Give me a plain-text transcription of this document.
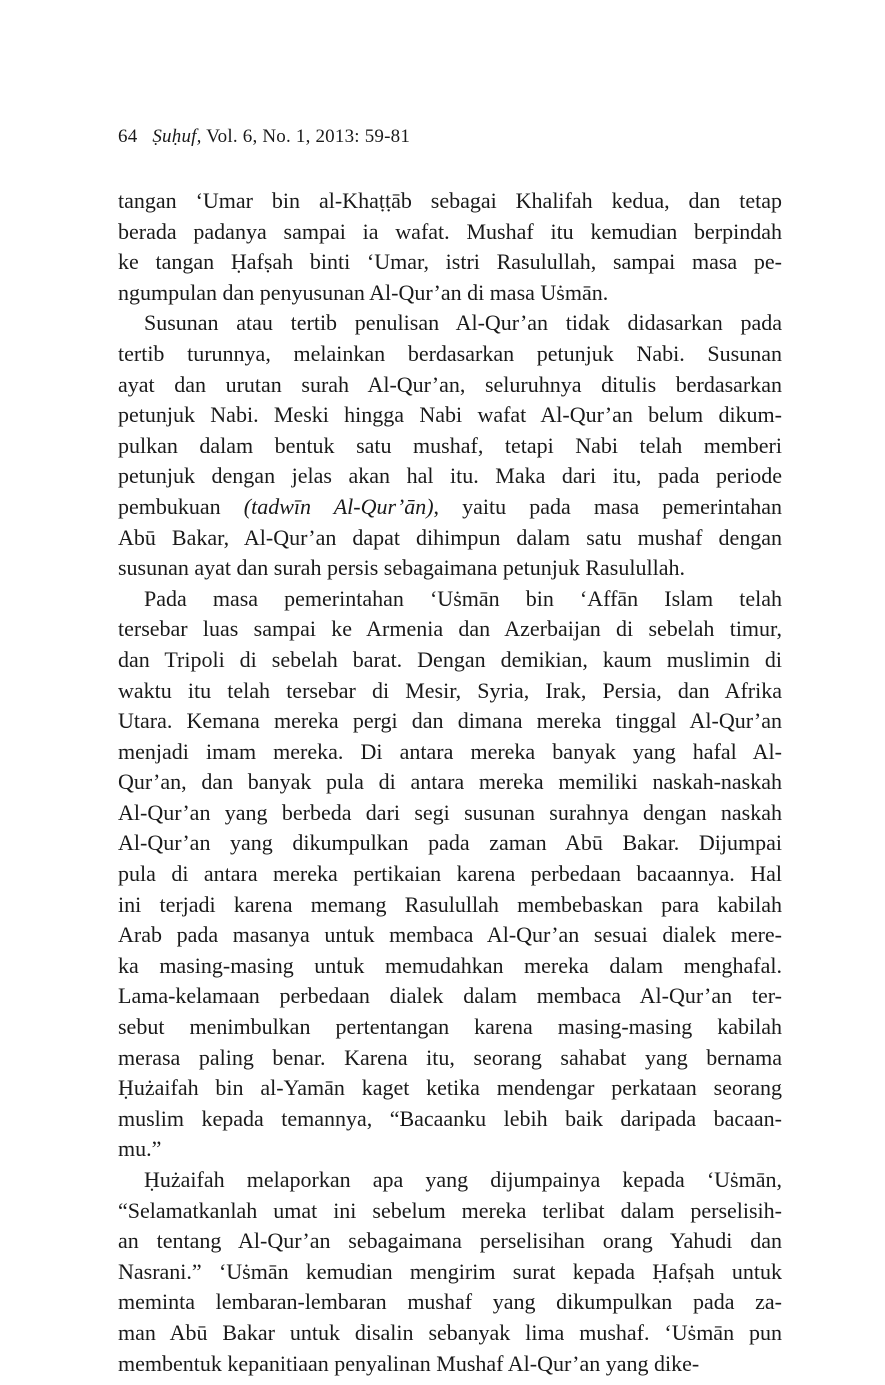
64 Ṣuḥuf, Vol. 6, No. 1, 2013: 59-81

tangan ‘Umar bin al-Khaṭṭāb sebagai Khalifah kedua, dan tetap
berada padanya sampai ia wafat. Mushaf itu kemudian berpindah
ke tangan Ḥafṣah binti ‘Umar, istri Rasulullah, sampai masa pe-
ngumpulan dan penyusunan Al-Qur’an di masa Uṡmān.

Susunan atau tertib penulisan Al-Qur’an tidak didasarkan pada
tertib turunnya, melainkan berdasarkan petunjuk Nabi. Susunan
ayat dan urutan surah Al-Qur’an, seluruhnya ditulis berdasarkan
petunjuk Nabi. Meski hingga Nabi wafat Al-Qur’an belum dikum-
pulkan dalam bentuk satu mushaf, tetapi Nabi telah memberi
petunjuk dengan jelas akan hal itu. Maka dari itu, pada periode
pembukuan (tadwīn Al-Qur’ān), yaitu pada masa pemerintahan
Abū Bakar, Al-Qur’an dapat dihimpun dalam satu mushaf dengan
susunan ayat dan surah persis sebagaimana petunjuk Rasulullah.

Pada masa pemerintahan ‘Uṡmān bin ‘Affān Islam telah
tersebar luas sampai ke Armenia dan Azerbaijan di sebelah timur,
dan Tripoli di sebelah barat. Dengan demikian, kaum muslimin di
waktu itu telah tersebar di Mesir, Syria, Irak, Persia, dan Afrika
Utara. Kemana mereka pergi dan dimana mereka tinggal Al-Qur’an
menjadi imam mereka. Di antara mereka banyak yang hafal Al-
Qur’an, dan banyak pula di antara mereka memiliki naskah-naskah
Al-Qur’an yang berbeda dari segi susunan surahnya dengan naskah
Al-Qur’an yang dikumpulkan pada zaman Abū Bakar. Dijumpai
pula di antara mereka pertikaian karena perbedaan bacaannya. Hal
ini terjadi karena memang Rasulullah membebaskan para kabilah
Arab pada masanya untuk membaca Al-Qur’an sesuai dialek mere-
ka masing-masing untuk memudahkan mereka dalam menghafal.
Lama-kelamaan perbedaan dialek dalam membaca Al-Qur’an ter-
sebut menimbulkan pertentangan karena masing-masing kabilah
merasa paling benar. Karena itu, seorang sahabat yang bernama
Ḥużaifah bin al-Yamān kaget ketika mendengar perkataan seorang
muslim kepada temannya, “Bacaanku lebih baik daripada bacaan-
mu.”

Ḥużaifah melaporkan apa yang dijumpainya kepada ‘Uṡmān,
“Selamatkanlah umat ini sebelum mereka terlibat dalam perselisih-
an tentang Al-Qur’an sebagaimana perselisihan orang Yahudi dan
Nasrani.” ‘Uṡmān kemudian mengirim surat kepada Ḥafṣah untuk
meminta lembaran-lembaran mushaf yang dikumpulkan pada za-
man Abū Bakar untuk disalin sebanyak lima mushaf. ‘Uṡmān pun
membentuk kepanitiaan penyalinan Mushaf Al-Qur’an yang dike-
